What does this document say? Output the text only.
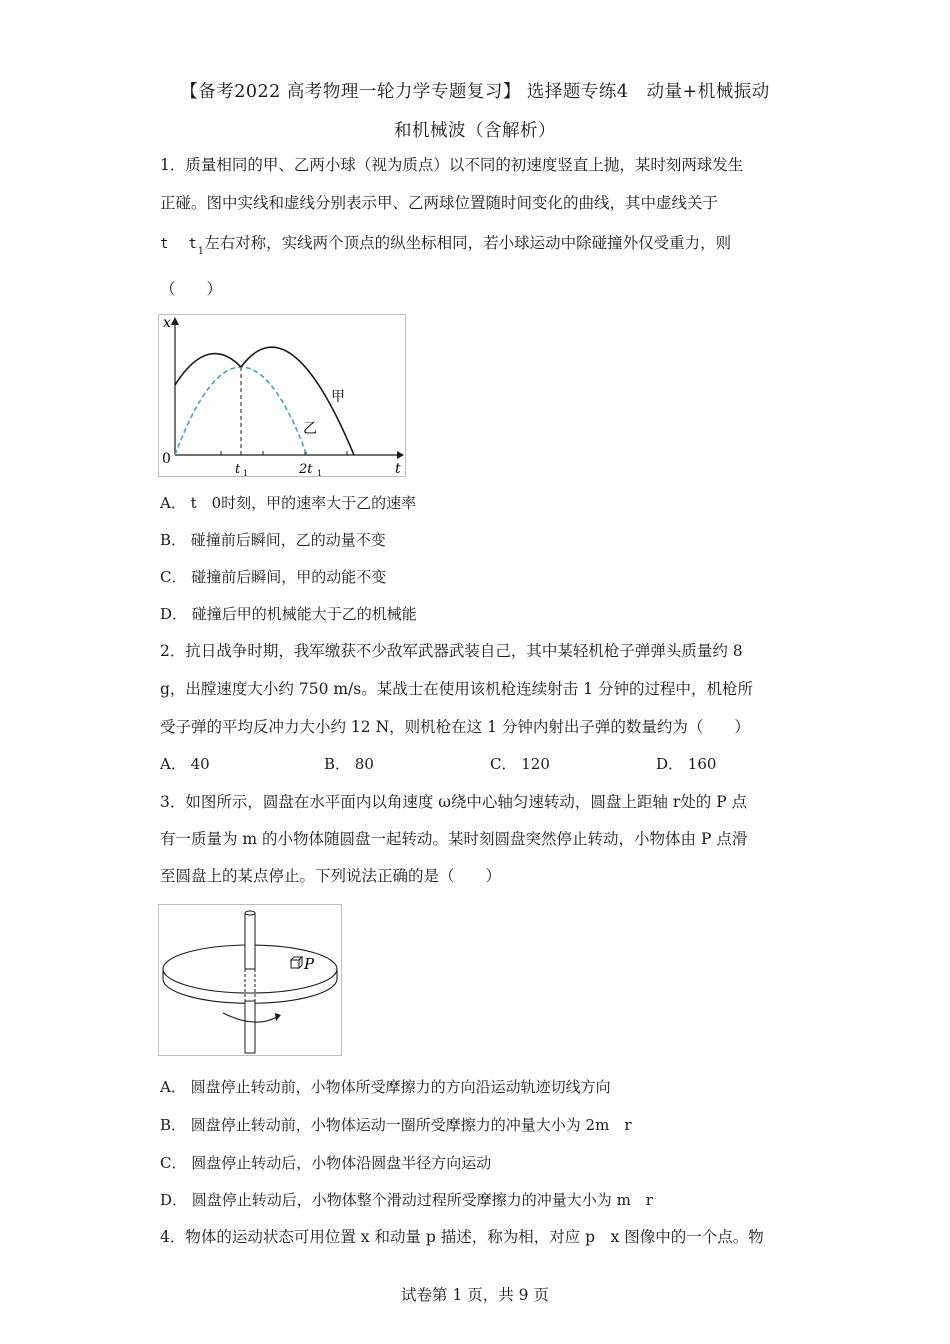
【备考2022 高考物理一轮力学专题复习】 选择题专练4　动量+机械振动
和机械波（含解析）
1．质量相同的甲、乙两小球（视为质点）以不同的初速度竖直上抛，某时刻两球发生
正碰。图中实线和虚线分别表示甲、乙两球位置随时间变化的曲线，其中虚线关于
t $t_1$左右对称，实线两个顶点的纵坐标相同，若小球运动中除碰撞外仅受重力，则
（　　）
x
t
0
t 1	2t 1
甲
乙
A． t　0时刻，甲的速率大于乙的速率
B． 碰撞前后瞬间，乙的动量不变
C． 碰撞前后瞬间，甲的动能不变
D． 碰撞后甲的机械能大于乙的机械能
2．抗日战争时期，我军缴获不少敌军武器武装自己，其中某轻机枪子弹弹头质量约 8
g，出膛速度大小约 750 m/s。某战士在使用该机枪连续射击 1 分钟的过程中，机枪所
受子弹的平均反冲力大小约 12 N，则机枪在这 1 分钟内射出子弹的数量约为（　　）
A． 40	B． 80	C． 120	D． 160
3．如图所示，圆盘在水平面内以角速度 ω绕中心轴匀速转动，圆盘上距轴 r处的 P 点
有一质量为 m 的小物体随圆盘一起转动。某时刻圆盘突然停止转动，小物体由 P 点滑
至圆盘上的某点停止。下列说法正确的是（　　）
P
A． 圆盘停止转动前，小物体所受摩擦力的方向沿运动轨迹切线方向
B． 圆盘停止转动前，小物体运动一圈所受摩擦力的冲量大小为 2m　r
C． 圆盘停止转动后，小物体沿圆盘半径方向运动
D． 圆盘停止转动后，小物体整个滑动过程所受摩擦力的冲量大小为 m　r
4．物体的运动状态可用位置 x 和动量 p 描述，称为相，对应 p　x 图像中的一个点。物
试卷第 1 页，共 9 页
